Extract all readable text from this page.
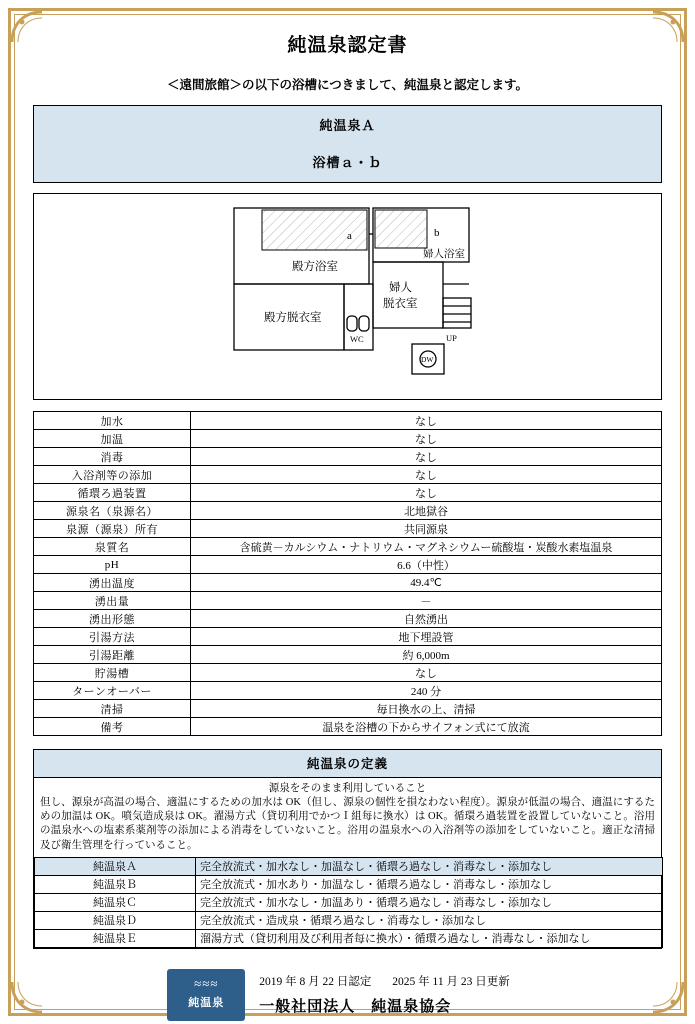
純温泉認定書
＜遠間旅館＞の以下の浴槽につきまして、純温泉と認定します。
純温泉Ａ
浴槽ａ・ｂ
a	b
殿方浴室
婦人浴室
婦人
脱衣室
殿方脱衣室
WC	UP
DW
加水	なし
加温	なし
消毒	なし
入浴剤等の添加	なし
循環ろ過装置	なし
源泉名（泉源名）	北地獄谷
泉源（源泉）所有	共同源泉
泉質名	含硫黄－カルシウム・ナトリウム・マグネシウムー硫酸塩・炭酸水素塩温泉
pH	6.6（中性）
湧出温度	49.4℃
湧出量	－
湧出形態	自然湧出
引湯方法	地下埋設管
引湯距離	約 6,000m
貯湯槽	なし
ターンオーバー	240 分
清掃	毎日換水の上、清掃
備考	温泉を浴槽の下からサイフォン式にて放流
純温泉の定義
源泉をそのまま利用していること
但し、源泉が高温の場合、適温にするための加水は OK（但し、源泉の個性を損なわない程度）。源泉が低温の場合、適温にするための加温は OK。噴気造成泉は OK。濯湯方式（貸切利用でかつＩ組每に換水）は OK。循環ろ過装置を設置していないこと。浴用の温泉水への塩素系薬剤等の添加による消毒をしていないこと。浴用の温泉水への入浴剤等の添加をしていないこと。適正な清掃及び衛生管理を行っていること。
純温泉Ａ	完全放流式・加水なし・加温なし・循環ろ過なし・消毒なし・添加なし
純温泉Ｂ	完全放流式・加水あり・加温なし・循環ろ過なし・消毒なし・添加なし
純温泉Ｃ	完全放流式・加水なし・加温あり・循環ろ過なし・消毒なし・添加なし
純温泉Ｄ	完全放流式・造成泉・循環ろ過なし・消毒なし・添加なし
純温泉Ｅ	溜湯方式（貸切利用及び利用者每に換水）・循環ろ過なし・消毒なし・添加なし
≈≈≈
純温泉
2019 年 8 月 22 日認定 2025 年 11 月 23 日更新
一般社団法人　純温泉協会
